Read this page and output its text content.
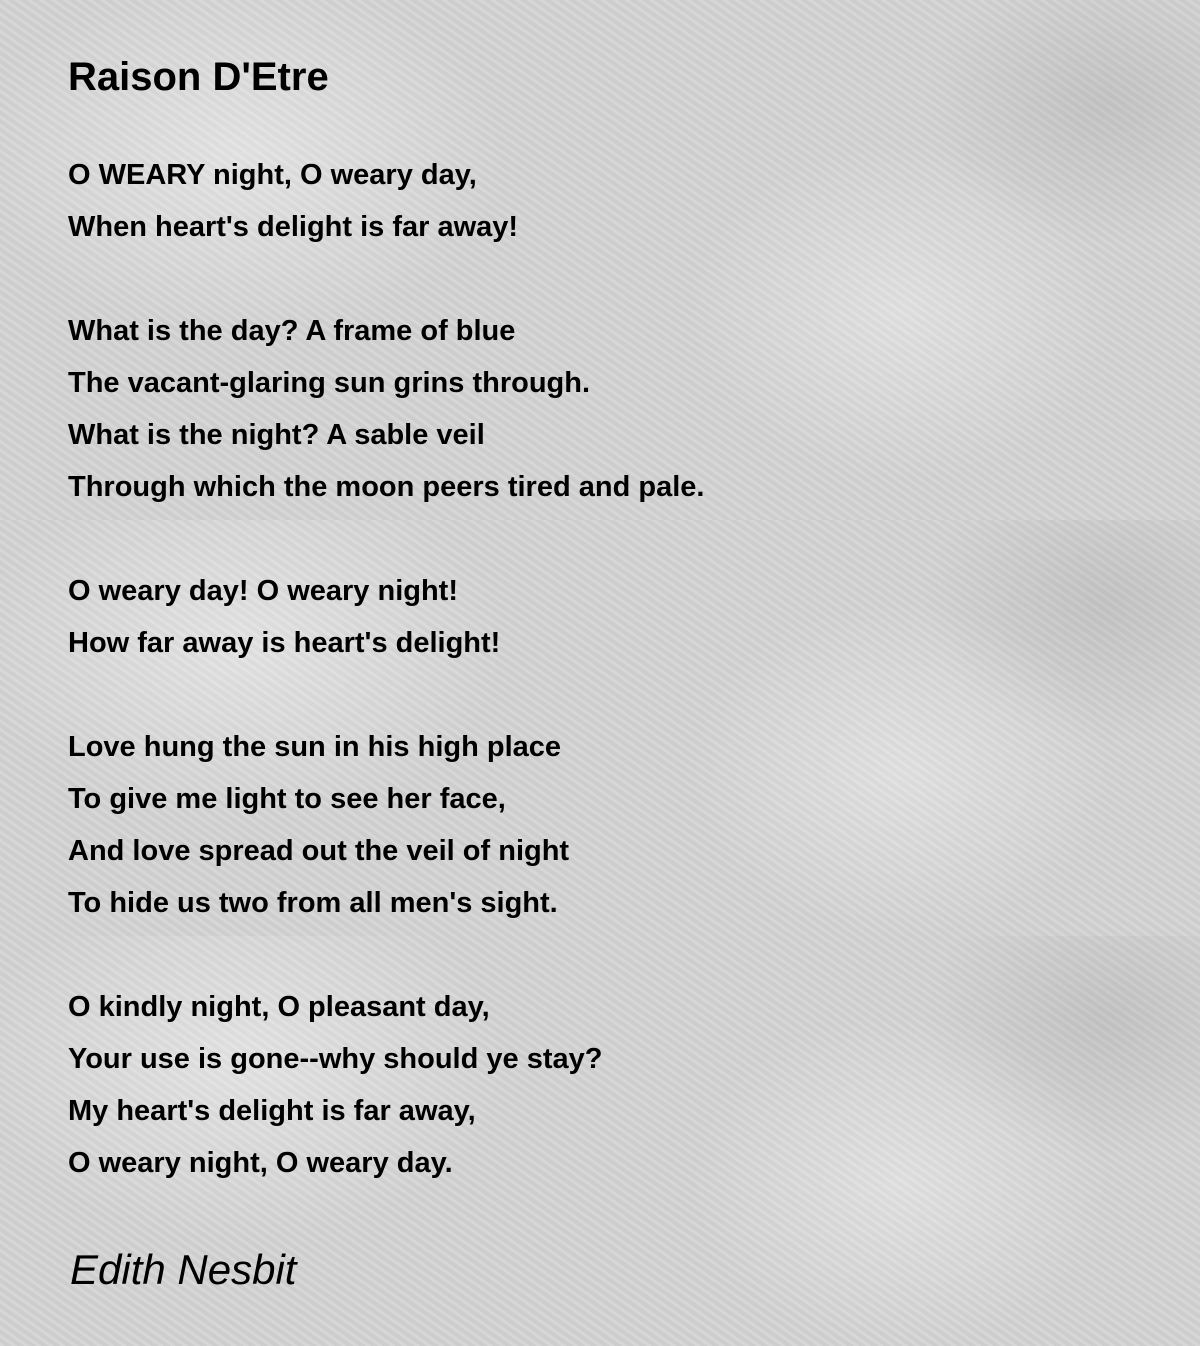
Raison D'Etre

O WEARY night, O weary day,
When heart's delight is far away!

What is the day? A frame of blue
The vacant-glaring sun grins through.
What is the night? A sable veil
Through which the moon peers tired and pale.

O weary day! O weary night!
How far away is heart's delight!

Love hung the sun in his high place
To give me light to see her face,
And love spread out the veil of night
To hide us two from all men's sight.

O kindly night, O pleasant day,
Your use is gone--why should ye stay?
My heart's delight is far away,
O weary night, O weary day.

Edith Nesbit
